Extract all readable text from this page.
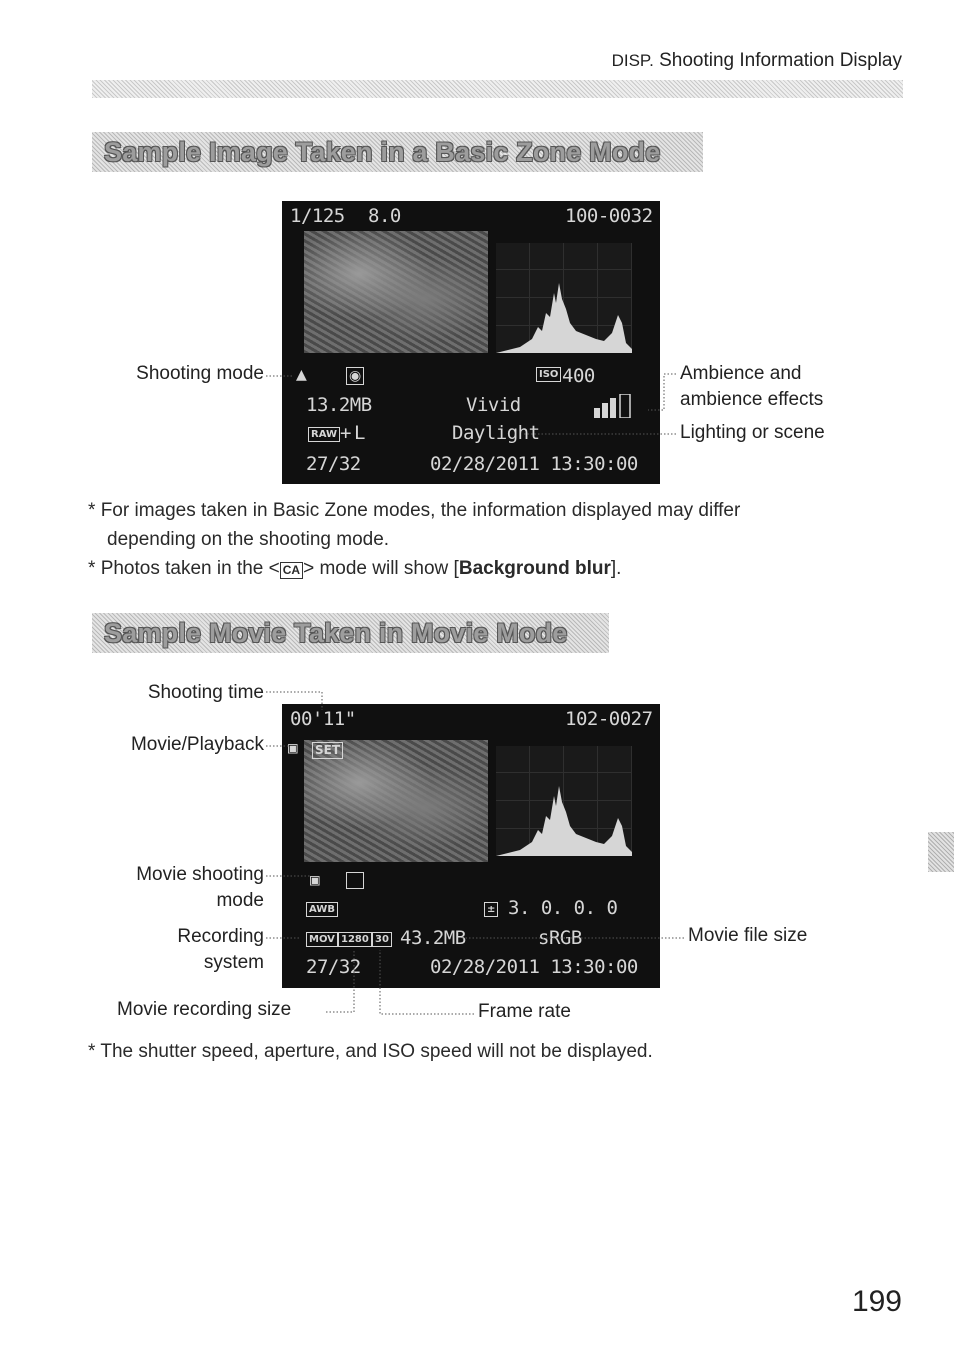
DISP. Shooting Information Display
Sample Image Taken in a Basic Zone Mode
1/125 8.0	100-0032
▲	◉	ISO 400
13.2MB	Vivid
RAW + L	Daylight
27/32	02/28/2011 13:30:00
Shooting mode	Ambience and
ambience effects
Lighting or scene
* For images taken in Basic Zone modes, the information displayed may differ
depending on the shooting mode.
* Photos taken in the < CA > mode will show [Background blur].
Sample Movie Taken in Movie Mode
00'11"	102-0027
▣ SET
▣
AWB	± 3. 0. 0. 0
MOV 1280 30 43.2MB	sRGB
27/32	02/28/2011 13:30:00
Shooting time
Movie/Playback
Movie shooting
mode
Recording
system
Movie file size
Movie recording size	Frame rate
* The shutter speed, aperture, and ISO speed will not be displayed.
199
